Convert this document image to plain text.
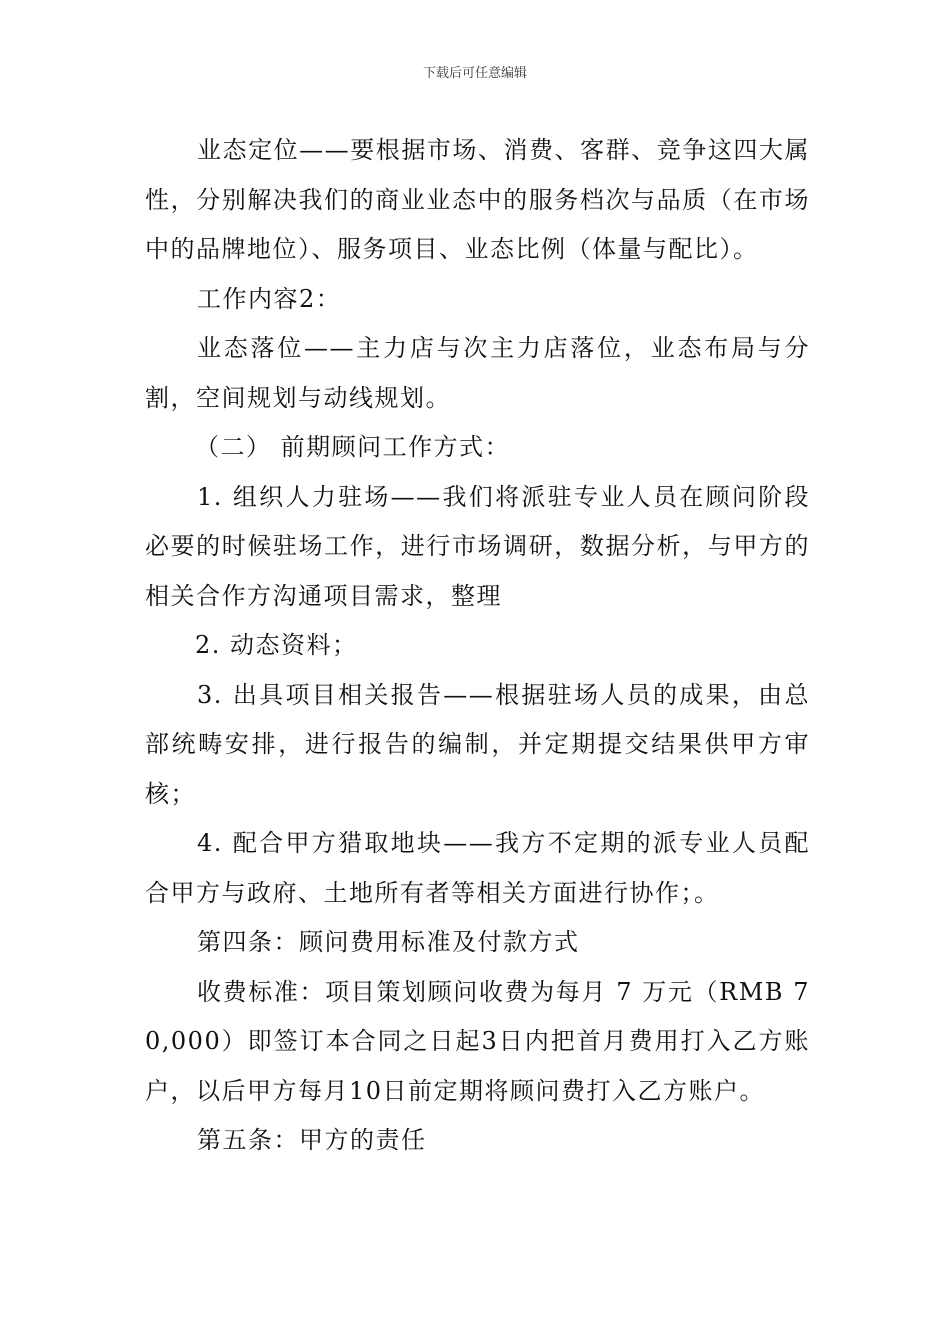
下载后可任意编辑

业态定位——要根据市场、消费、客群、竞争这四大属性，分别解决我们的商业业态中的服务档次与品质（在市场中的品牌地位）、服务项目、业态比例（体量与配比）。

工作内容2：

业态落位——主力店与次主力店落位，业态布局与分割，空间规划与动线规划。

（二） 前期顾问工作方式：

1. 组织人力驻场——我们将派驻专业人员在顾问阶段必要的时候驻场工作，进行市场调研，数据分析，与甲方的相关合作方沟通项目需求，整理

2. 动态资料；

3. 出具项目相关报告——根据驻场人员的成果，由总部统畴安排，进行报告的编制，并定期提交结果供甲方审核；

4. 配合甲方猎取地块——我方不定期的派专业人员配合甲方与政府、土地所有者等相关方面进行协作；。

第四条：顾问费用标准及付款方式

收费标准：项目策划顾问收费为每月 7 万元（RMB 70,000）即签订本合同之日起3日内把首月费用打入乙方账户，以后甲方每月10日前定期将顾问费打入乙方账户。

第五条：甲方的责任
